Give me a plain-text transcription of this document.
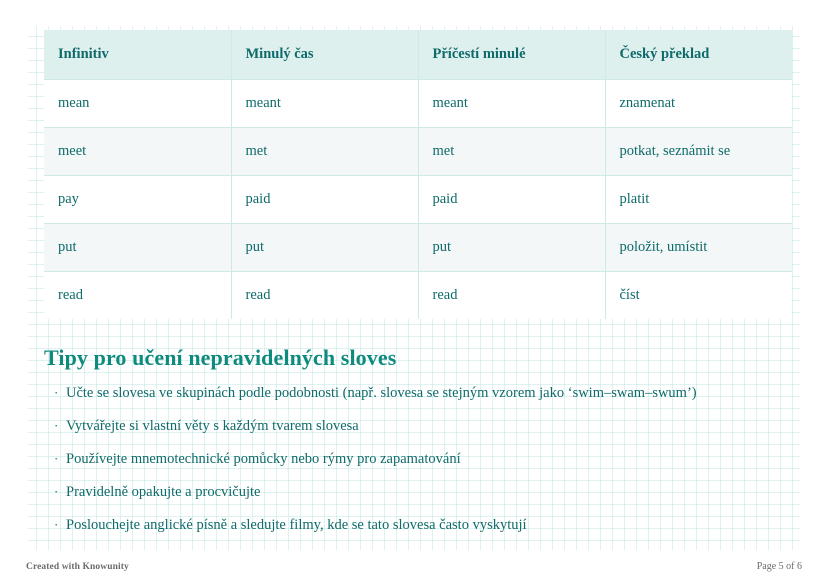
Infinitiv	Minulý čas	Příčestí minulé	Český překlad
mean	meant	meant	znamenat
meet	met	met	potkat, seznámit se
pay	paid	paid	platit
put	put	put	položit, umístit
read	read	read	číst
Tipy pro učení nepravidelných sloves
· Učte se slovesa ve skupinách podle podobnosti (např. slovesa se stejným vzorem jako ‘swim–swam–swum’)
· Vytvářejte si vlastní věty s každým tvarem slovesa
· Používejte mnemotechnické pomůcky nebo rýmy pro zapamatování
· Pravidelně opakujte a procvičujte
· Poslouchejte anglické písně a sledujte filmy, kde se tato slovesa často vyskytují
Created with Knowunity	Page 5 of 6
